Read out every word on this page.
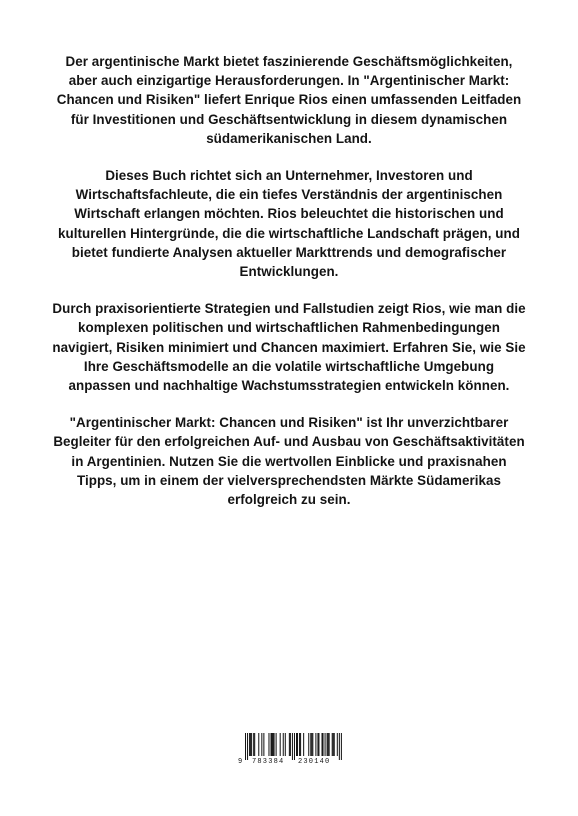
Der argentinische Markt bietet faszinierende Geschäftsmöglichkeiten, aber auch einzigartige Herausforderungen. In "Argentinischer Markt: Chancen und Risiken" liefert Enrique Rios einen umfassenden Leitfaden für Investitionen und Geschäftsentwicklung in diesem dynamischen südamerikanischen Land.

Dieses Buch richtet sich an Unternehmer, Investoren und Wirtschaftsfachleute, die ein tiefes Verständnis der argentinischen Wirtschaft erlangen möchten. Rios beleuchtet die historischen und kulturellen Hintergründe, die die wirtschaftliche Landschaft prägen, und bietet fundierte Analysen aktueller Markttrends und demografischer Entwicklungen.

Durch praxisorientierte Strategien und Fallstudien zeigt Rios, wie man die komplexen politischen und wirtschaftlichen Rahmenbedingungen navigiert, Risiken minimiert und Chancen maximiert. Erfahren Sie, wie Sie Ihre Geschäftsmodelle an die volatile wirtschaftliche Umgebung anpassen und nachhaltige Wachstumsstrategien entwickeln können.

"Argentinischer Markt: Chancen und Risiken" ist Ihr unverzichtbarer Begleiter für den erfolgreichen Auf- und Ausbau von Geschäftsaktivitäten in Argentinien. Nutzen Sie die wertvollen Einblicke und praxisnahen Tipps, um in einem der vielversprechendsten Märkte Südamerikas erfolgreich zu sein.

9 783384 230140
